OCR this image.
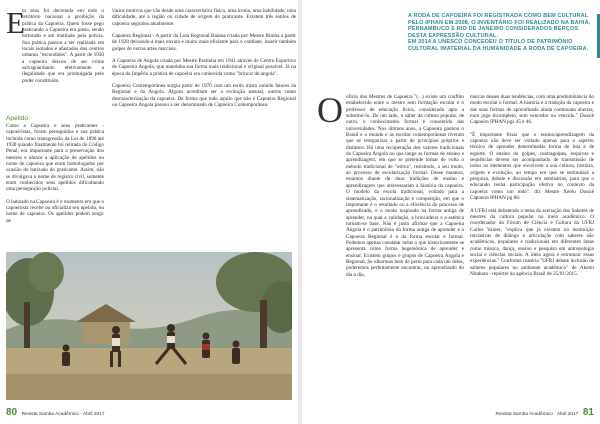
E

m seus foi decretada em todo o território nacional a proibição da prática da Capoeira. Quem fosse pego praticando a Capoeira era preso, sendo torturado e até mutilado pela polícia. Sua prática passou a ser realizada em locais isolados e afastados dos centros urbanos "escondidos". A partir de 1930 a capoeira deixou de ser crime salvaguardando efetivamente a ilegalidade que era promulgada pelo poder constituído.

Apelido

Como a Capoeira e seus praticantes - capoeiristas, foram perseguidos e sua prática incluída como transgressão da Lei de 1890 até 1930 quando finalmente foi retirada do Código Penal, era importante para a preservação dos mestres e alunos a aplicação de apelidos ou nome de capoeira que eram homologados por ocasião do batizado do praticante. Assim, não se divulgava o nome de registro civil, somente eram conhecidos seus apelidos dificultando uma perseguição policial.

O batizado na Capoeira é o momento em que o capoeirista recebe ou oficializa seu apelido, ou nome de capoeira. Os apelidos podem surgir de

vários motivos que vão desde uma característica física, uma ironia, uma habilidade, uma dificuldade, até a região ou cidade de origem do praticante. Existem três estilos de capoeira seguidos atualmente.

Capoeira Regional - A partir da Luta Regional Baiana criada por Mestre Bimba a partir de 1928 deixando-a mais enxuta e muito mais eficiente para o combate, inserir também golpes de outras artes marciais.

A Capoeira de Angola criada por Mestre Pastinha em 1941 através do Centro Esportivo de Capoeira Angola, que mantinha sua forma mais tradicional e original possível. Já na época do Império a prática de capoeira era conhecida como "brincar de angola".

Capoeira Contemporânea surgiu partir de 1970 com um estilo misto unindo fatores da Regional e da Angola. Alguns acreditam ser a evolução natural, outros como descaracterização da capoeira. De forma que tudo aquilo que não é Capoeira Regional ou Capoeira Angola passou a ser denominado de Capoeira Contemporânea.

80 Revista Samba Acadêmico · Abril 2017

A RODA DE CAPOEIRA FOI REGISTRADA COMO BEM CULTURAL PELO IPHAN EM 2008, O INVENTÁRIO FOI REALIZADO NA BAHIA, PERNAMBUCO E RIO DE JANEIRO CONSIDERADOS BERÇOS DESTA EXPRESSÃO CULTURAL.

EM 2014 A UNESCO CONCEDEU O TÍTULO DE PATRIMÔNIO CULTURAL IMATERIAL DA HUMANIDADE A RODA DE CAPOEIRA.

O ofício dos Mestres de Capoeira "(...) existe um conflito estabelecido entre o mestre sem formação escolar e o professor de educação física, considerado apto a substituí-lo. De um lado, o saber da cultura popular, de outro, o conhecimento formal e consentido das universidades. Nos últimos anos, a Capoeira ganhou o Brasil e o mundo e as escolas contemporâneas tiveram que se reorganizar a partir de princípios próprios e distintos. Há uma recuperação dos valores tradicionais da Capoeira Angola no que tange as formas de ensino e aprendizagem, em que se pretende tomar de volta o método tradicional de "oitiva", resistindo, a seu modo, ao processo de escolarização formal. Desse maneira, estamos diante de duas tradições de ensino e aprendizagem que atravessaram a história da capoeira. O modelo da escola tradicional, voltado para a sistematização, racionalização e competição, em que o importante é o resultado ou a eficiência do processo de aprendizado, e o modo inspirado na forma antiga de aprender, na qual a validação, a brincadeira e a estética tornam-se base. Não é justo afirmar que a Capoeira Angola é o patrimônio da forma antiga de aprender e a Capoeira Regional é o da forma escolar e formal. Podemos apenas constatar nelas o que historicamente se apresenta como forma hegemônica de aprender e ensinar. Existem grupos e grupos de Capoeira Angola e Regional. Se olharmos bem de perto para cada um deles, poderemos perfeitamente encontrar, no aprendizado do dia a dia,

marcas desses duas tendências, com uma predominância do modo escolar e formal. A história e a tradição da capoeira e das suas formas de aprendizado ainda continuam abertas, num jogo incompleto, sem vencedor ou vencido." Dossiê Capoeira IPHAN pgs 45 e 46.

"É importante frisar que o ensino/aprendizagem da capoeira não deve ser voltado apenas para o aspecto técnico de aprender determinadas forma de luta e de esporte. O ensino do golpes, contragolpes, esquivas e sequências devem ser acompanhado de transmissão de todos os elementos que envolvem a sua cultura, história, origem e evolução, ao tempo em que se estimulará a pesquisa, debate e discussão em seminários, para que o educando tenha participação efetiva no contexto da capoeira como um todo". dix Mestre Xeréu Dossiê Capoeira IPHAN pg 88.

A UFRJ está debatendo o tema da aceitação dos Saberes de mestres da cultura popular no meio acadêmico. O coordenador do Fórum de Ciência e Cultura da UFRJ Carlos Vainer, "explica que já existem na instituição iniciativas de diálogo e articulação com saberes não acadêmicos, populares e tradicionais em diferentes áreas como música, dança, ensino e pesquisa em antropologia social e ciências sociais. A ideia agora é estruturar essas experiências." Conforme matéria "UFRJ debate inclusão de saberes populares no ambiente acadêmico" de Akemi Nitahara - repórter da agência Brasil de 25/01/2015.

Revista Samba Acadêmico · Abril 2017 81
